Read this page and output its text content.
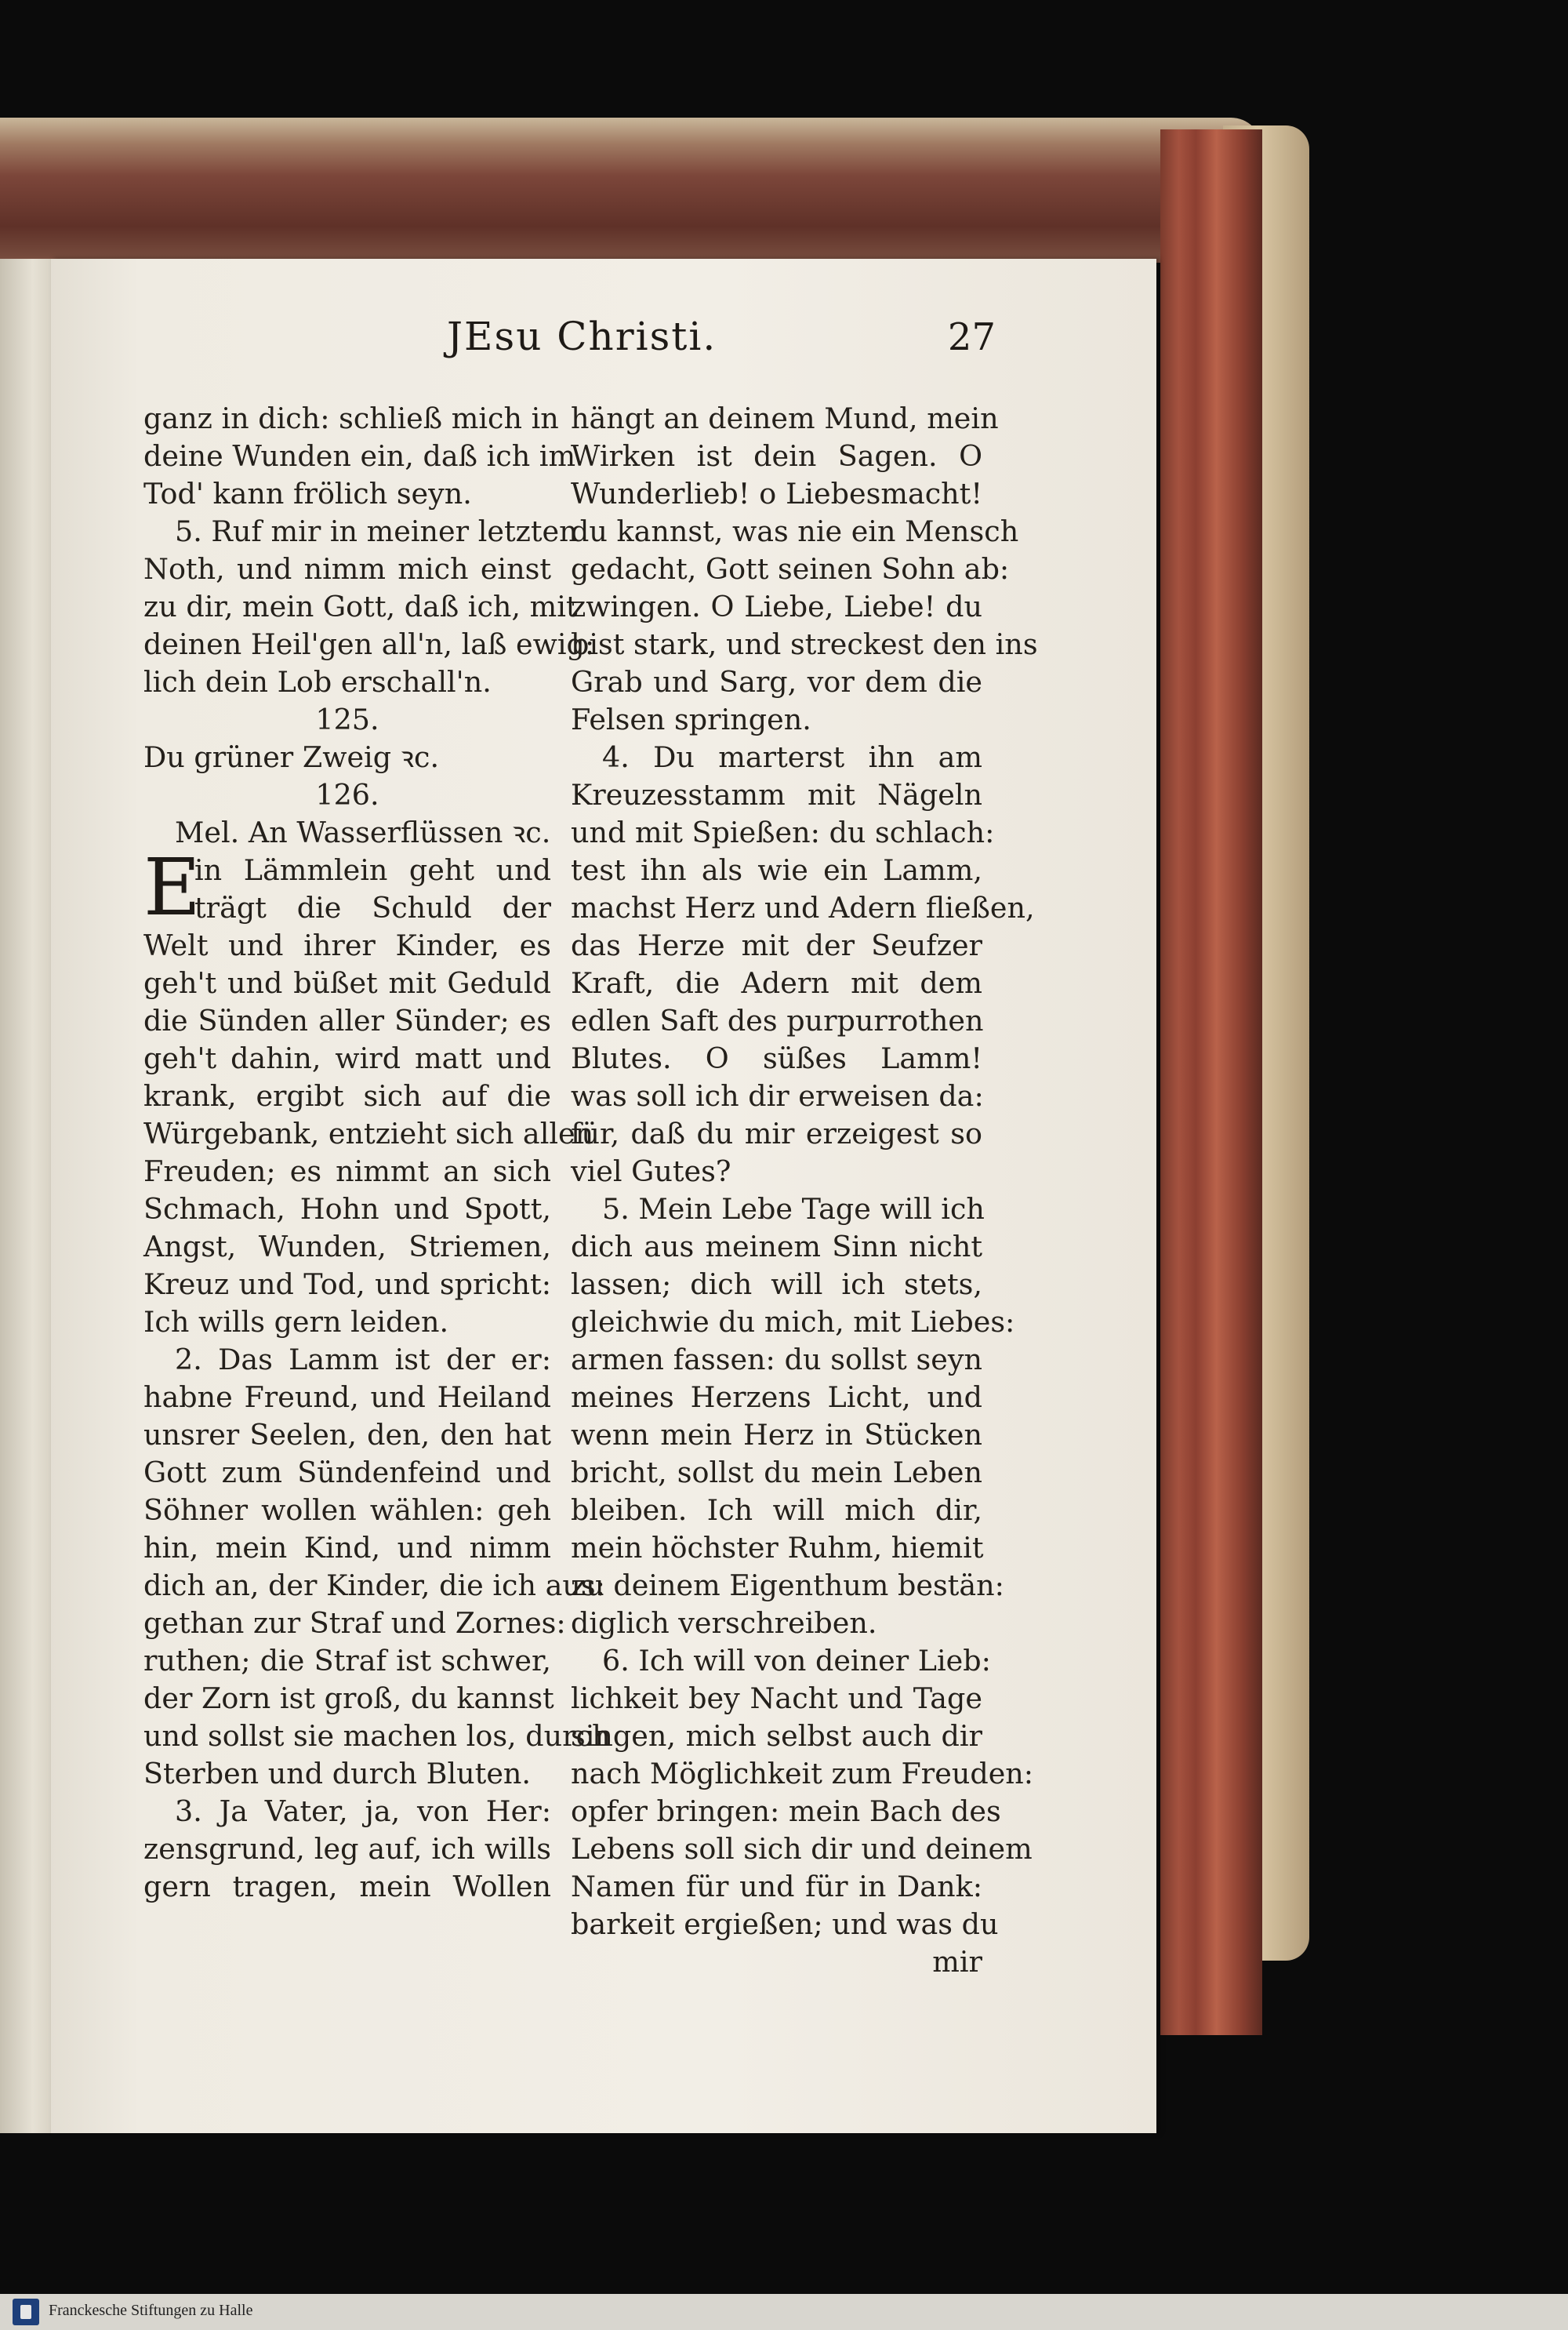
JEsu Christi.	27
ganz in dich: schließ mich in
deine Wunden ein, daß ich im
Tod' kann frölich seyn.
5. Ruf mir in meiner letzten
Noth, und nimm mich einst
zu dir, mein Gott, daß ich, mit
deinen Heil'gen all'n, laß ewig:
lich dein Lob erschall'n.
125.
Du grüner Zweig ꝛc.
126.
Mel. An Wasserflüssen ꝛc.
E
in Lämmlein geht und
trägt die Schuld der
Welt und ihrer Kinder, es
geh't und büßet mit Geduld
die Sünden aller Sünder; es
geh't dahin, wird matt und
krank, ergibt sich auf die
Würgebank, entzieht sich allen
Freuden; es nimmt an sich
Schmach, Hohn und Spott,
Angst, Wunden, Striemen,
Kreuz und Tod, und spricht:
Ich wills gern leiden.
2. Das Lamm ist der er:
habne Freund, und Heiland
unsrer Seelen, den, den hat
Gott zum Sündenfeind und
Söhner wollen wählen: geh
hin, mein Kind, und nimm
dich an, der Kinder, die ich aus:
gethan zur Straf und Zornes:
ruthen; die Straf ist schwer,
der Zorn ist groß, du kannst
und sollst sie machen los, durch
Sterben und durch Bluten.
3. Ja Vater, ja, von Her:
zensgrund, leg auf, ich wills
gern tragen, mein Wollen
hängt an deinem Mund, mein
Wirken ist dein Sagen. O
Wunderlieb! o Liebesmacht!
du kannst, was nie ein Mensch
gedacht, Gott seinen Sohn ab:
zwingen. O Liebe, Liebe! du
bist stark, und streckest den ins
Grab und Sarg, vor dem die
Felsen springen.
4. Du marterst ihn am
Kreuzesstamm mit Nägeln
und mit Spießen: du schlach:
test ihn als wie ein Lamm,
machst Herz und Adern fließen,
das Herze mit der Seufzer
Kraft, die Adern mit dem
edlen Saft des purpurrothen
Blutes. O süßes Lamm!
was soll ich dir erweisen da:
für, daß du mir erzeigest so
viel Gutes?
5. Mein Lebe Tage will ich
dich aus meinem Sinn nicht
lassen; dich will ich stets,
gleichwie du mich, mit Liebes:
armen fassen: du sollst seyn
meines Herzens Licht, und
wenn mein Herz in Stücken
bricht, sollst du mein Leben
bleiben. Ich will mich dir,
mein höchster Ruhm, hiemit
zu deinem Eigenthum bestän:
diglich verschreiben.
6. Ich will von deiner Lieb:
lichkeit bey Nacht und Tage
singen, mich selbst auch dir
nach Möglichkeit zum Freuden:
opfer bringen: mein Bach des
Lebens soll sich dir und deinem
Namen für und für in Dank:
barkeit ergießen; und was du
mir
Franckesche Stiftungen zu Halle
